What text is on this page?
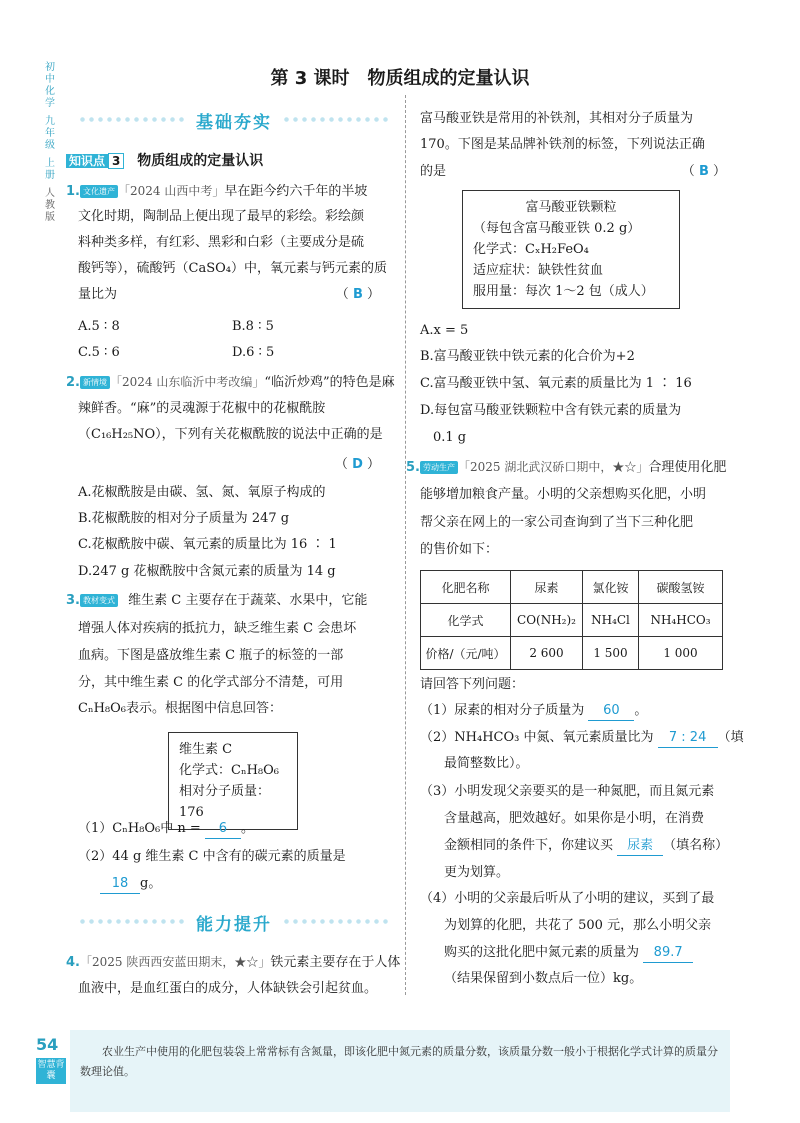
初中化学
九年级
上册
人教版
第 3 课时　物质组成的定量认识
基础夯实
知识点 3 物质组成的定量认识
1. 文化遗产 「2024 山西中考」早在距今约六千年的半坡
文化时期，陶制品上便出现了最早的彩绘。彩绘颜
料种类多样，有红彩、黑彩和白彩（主要成分是硫
酸钙等），硫酸钙（CaSO₄）中，氧元素与钙元素的质
量比为	（ B ）
A.5 ∶ 8	B.8 ∶ 5
C.5 ∶ 6	D.6 ∶ 5
2. 新情境 「2024 山东临沂中考改编」“临沂炒鸡”的特色是麻
辣鲜香。“麻”的灵魂源于花椒中的花椒酰胺
（C₁₆H₂₅NO），下列有关花椒酰胺的说法中正确的是
（ D ）
A.花椒酰胺是由碳、氢、氮、氧原子构成的
B.花椒酰胺的相对分子质量为 247 g
C.花椒酰胺中碳、氧元素的质量比为 16 ∶ 1
D.247 g 花椒酰胺中含氮元素的质量为 14 g
3. 教材变式 维生素 C 主要存在于蔬菜、水果中，它能
增强人体对疾病的抵抗力，缺乏维生素 C 会患坏
血病。下图是盛放维生素 C 瓶子的标签的一部
分，其中维生素 C 的化学式部分不清楚，可用
CₙH₈O₆表示。根据图中信息回答：
维生素 C
化学式：CₙH₈O₆
相对分子质量：176
（1）CₙH₈O₆中 n = 6 。
（2）44 g 维生素 C 中含有的碳元素的质量是
18 g。
能力提升
4.「2025 陕西西安蓝田期末，★☆」铁元素主要存在于人体
血液中，是血红蛋白的成分，人体缺铁会引起贫血。
富马酸亚铁是常用的补铁剂，其相对分子质量为
170。下图是某品牌补铁剂的标签，下列说法正确
的是	（ B ）
富马酸亚铁颗粒
（每包含富马酸亚铁 0.2 g）
化学式：CₓH₂FeO₄
适应症状：缺铁性贫血
服用量：每次 1～2 包（成人）
A.x = 5
B.富马酸亚铁中铁元素的化合价为+2
C.富马酸亚铁中氢、氧元素的质量比为 1 ∶ 16
D.每包富马酸亚铁颗粒中含有铁元素的质量为
　0.1 g
5. 劳动生产 「2025 湖北武汉硚口期中，★☆」合理使用化肥
能够增加粮食产量。小明的父亲想购买化肥，小明
帮父亲在网上的一家公司查询到了当下三种化肥
的售价如下：
化肥名称	尿素	氯化铵	碳酸氢铵
化学式	CO(NH₂)₂	NH₄Cl	NH₄HCO₃
价格/（元/吨）	2 600	1 500	1 000
请回答下列问题：
（1）尿素的相对分子质量为 60 。
（2）NH₄HCO₃ 中氮、氧元素质量比为 7 : 24 （填
最简整数比）。
（3）小明发现父亲要买的是一种氮肥，而且氮元素
含量越高，肥效越好。如果你是小明，在消费
金额相同的条件下，你建议买 尿素 （填名称）
更为划算。
（4）小明的父亲最后听从了小明的建议，买到了最
为划算的化肥，共花了 500 元，那么小明父亲
购买的这批化肥中氮元素的质量为 89.7
（结果保留到小数点后一位）kg。
54
智慧背囊
农业生产中使用的化肥包装袋上常常标有含氮量，即该化肥中氮元素的质量分数，该质量分数一般小于根据化学式计算的质量分数理论值。
